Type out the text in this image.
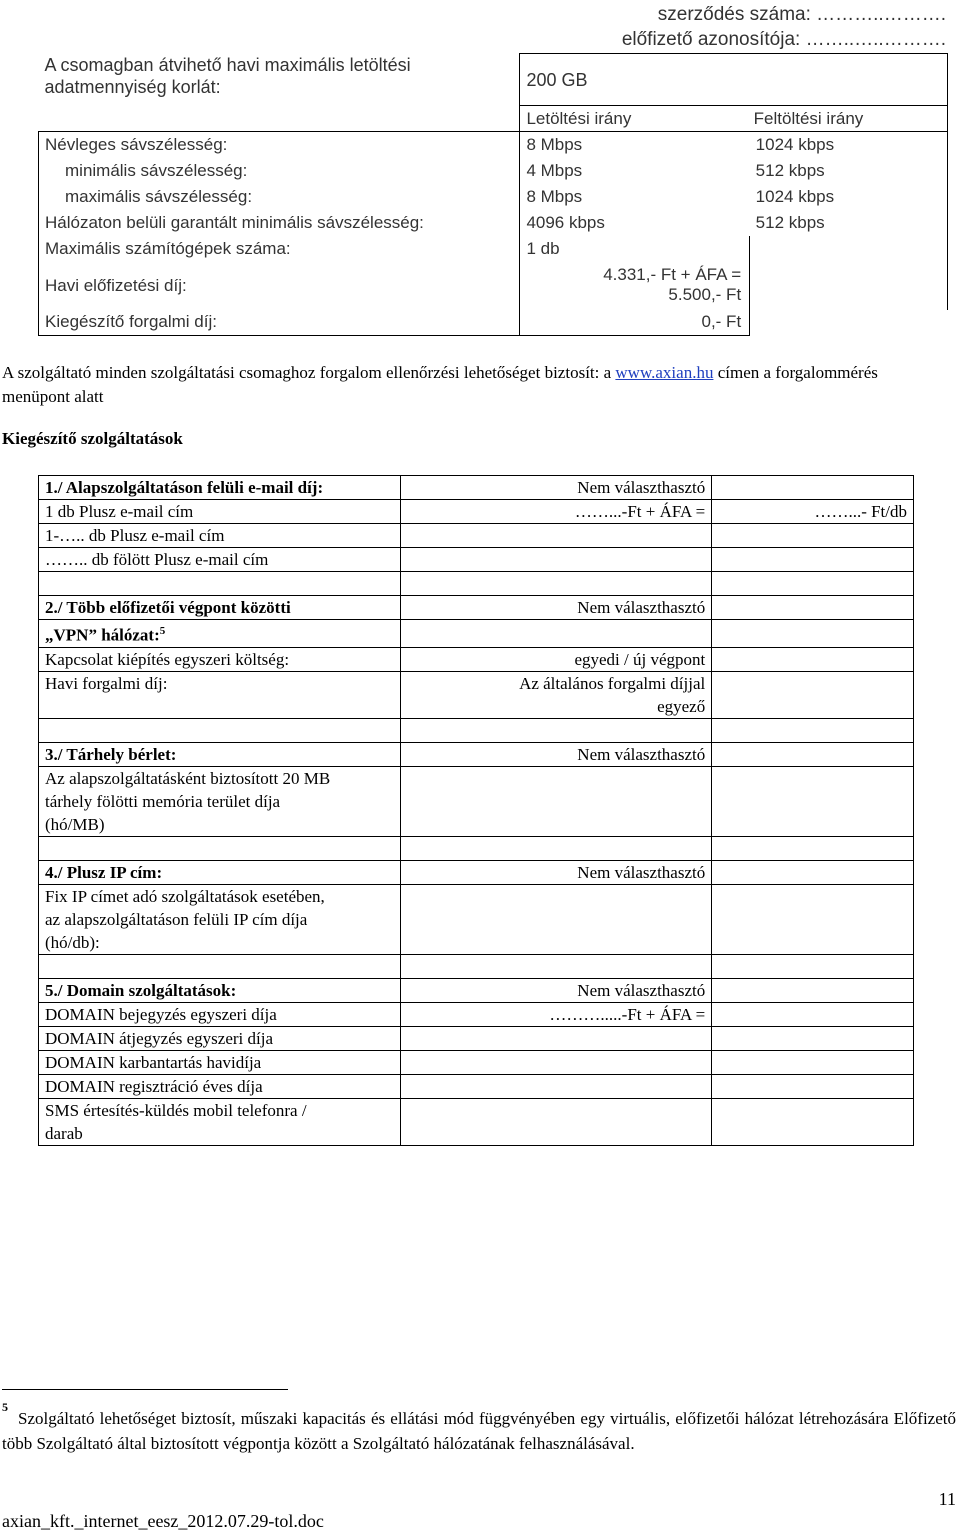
szerződés száma: ………..……….
előfizető azonosítója: ……..…..……….
A csomagban átvihető havi maximális letöltési adatmennyiség korlát:	200 GB	
	Letöltési irány	Feltöltési irány
Névleges sávszélesség:	8 Mbps	1024 kbps
minimális sávszélesség:	4 Mbps	512 kbps
maximális sávszélesség:	8 Mbps	1024 kbps
Hálózaton belüli garantált minimális sávszélesség:	4096 kbps	512 kbps
Maximális számítógépek száma:	1 db	
Havi előfizetési díj:	4.331,- Ft + ÁFA =
5.500,- Ft	

Kiegészítő forgalmi díj:	0,- Ft	
A szolgáltató minden szolgáltatási csomaghoz forgalom ellenőrzési lehetőséget biztosít: a www.axian.hu címen a forgalommérés menüpont alatt
Kiegészítő szolgáltatások
1./ Alapszolgáltatáson felüli e-mail díj:	Nem választhasztó	
1 db Plusz e-mail cím	……...-Ft + ÁFA =	……...- Ft/db
1-….. db Plusz e-mail cím		
…….. db fölött Plusz e-mail cím		

2./ Több előfizetői végpont közötti	Nem választhasztó	
„VPN” hálózat:$^5$		
Kapcsolat kiépítés egyszeri költség:	egyedi / új végpont	
Havi forgalmi díj:	Az általános forgalmi díjjal
egyező	

3./ Tárhely bérlet:	Nem választhasztó	

Az alapszolgáltatásként biztosított 20 MB
tárhely fölötti memória terület díja
(hó/MB)		

4./ Plusz IP cím:	Nem választhasztó	

Fix IP címet adó szolgáltatások esetében,
az alapszolgáltatáson felüli IP cím díja
(hó/db):		

5./ Domain szolgáltatások:	Nem választhasztó	
DOMAIN bejegyzés egyszeri díja	……….....-Ft + ÁFA =	
DOMAIN átjegyzés egyszeri díja		
DOMAIN karbantartás havidíja		
DOMAIN regisztráció éves díja		

SMS értesítés-küldés mobil telefonra /
darab		

5
Szolgáltató lehetőséget biztosít, műszaki kapacitás és ellátási mód függvényében egy virtuális, előfizetői hálózat létrehozására Előfizető több Szolgáltató által biztosított végpontja között a Szolgáltató hálózatának felhasználásával.
axian_kft._internet_eesz_2012.07.29-tol.doc
11
